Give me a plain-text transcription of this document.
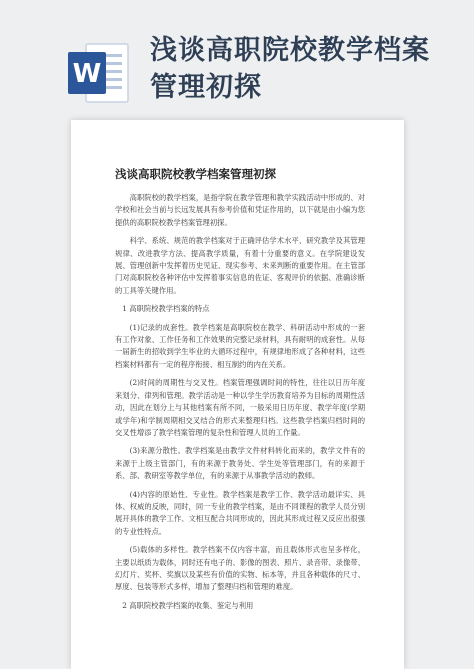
W
浅谈高职院校教学档案
管理初探
浅谈高职院校教学档案管理初探

高职院校的教学档案，是指学院在教学管理和教学实践活动中形成的、对学校和社会当前与长远发展具有参考价值和凭证作用的，以下就是由小编为您提供的高职院校教学档案管理初探。

科学、系统、规范的教学档案对于正确评估学术水平、研究教学及其管理规律、改进教学方法、提高教学质量，有着十分重要的意义。在学院建设发展、管理创新中发挥着历史见证、现实参考、未来判断的重要作用。在主管部门对高职院校各种评估中发挥着事实信息的佐证、客观评价的依据、准确诊断的工具等关键作用。

1 高职院校教学档案的特点

(1)记录的成套性。教学档案是高职院校在教学、科研活动中形成的一套有工作对象、工作任务和工作效果的完整记录材料，具有耐明的成套性。从每一届新生的招收到学生毕业的大循环过程中，有规律地形成了各种材料，这些档案材料都有一定的程序衔接、相互制约的内在关系。

(2)时间的周期性与交叉性。档案管理强调时间的特性，往往以日历年度来划分、律列和管理。教学活动是一种以学生学历教育培养为目标的周期性活动，因此在划分上与其他档案有所不同，一般采用日历年度、教学年度(学期或学年)和学制周期相交叉结合的形式来整理归档。这些教学档案归档时间的交叉性增添了教学档案管理的复杂性和管理人员的工作量。

(3)来源分散性。教学档案是由教学文件材料转化而来的，教学文件有的来源于上级主管部门，有的来源于教务处、学生处等管理部门，有的来源于系、部、教研室等教学单位，有的来源于从事教学活动的教师。

(4)内容的原始性、专业性。教学档案是教学工作、教学活动最详实、具体、权威的反映，同时，同一专业的教学档案，是由不同课程的教学人员分别展开具体的教学工作、文相互配合共同形成的，因此其形成过程又反应出很强的专业性特点。

(5)载体的多样性。教学档案不仅内容丰富，而且载体形式也呈多样化，主要以纸质为载体，同时还有电子的、影像的图表、照片、录音带、录像带、幻灯片、奖杯、奖旗以及某些有价值的实物、标本等，并且各种载体的尺寸、厚度、包装等形式多样，增加了整理归档和管理的难度。

2 高职院校教学档案的收集、鉴定与利用
